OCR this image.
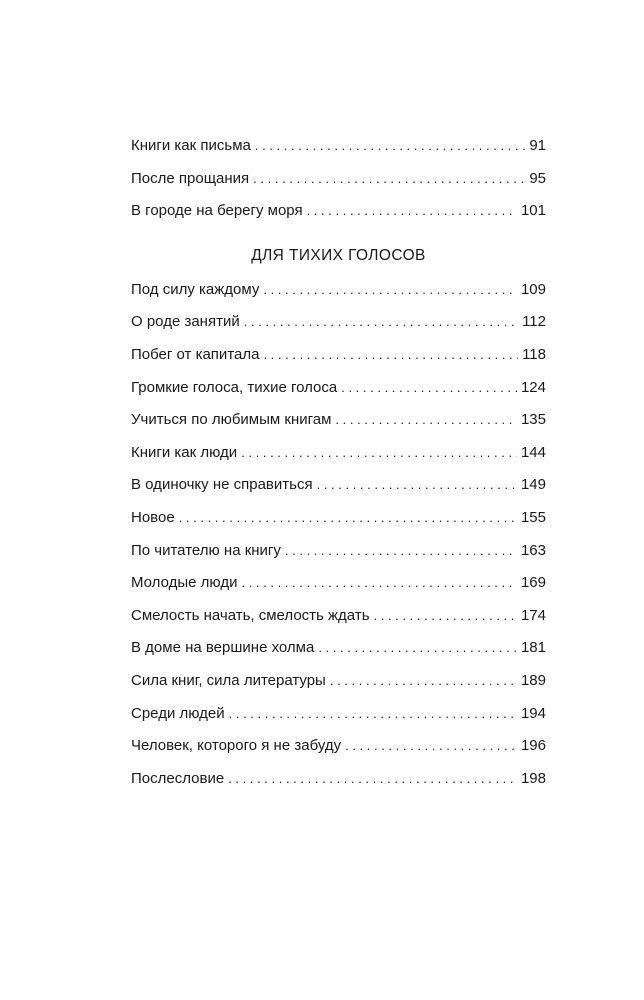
Книги как письма . . .	91
После прощания . . .	95
В городе на берегу моря . . .	101
ДЛЯ ТИХИХ ГОЛОСОВ
Под силу каждому . . .	109
О роде занятий . . .	112
Побег от капитала . . .	118
Громкие голоса, тихие голоса . . .	124
Учиться по любимым книгам . . .	135
Книги как люди . . .	144
В одиночку не справиться . . .	149
Новое . . .	155
По читателю на книгу . . .	163
Молодые люди . . .	169
Смелость начать, смелость ждать . . .	174
В доме на вершине холма . . .	181
Сила книг, сила литературы . . .	189
Среди людей . . .	194
Человек, которого я не забуду . . .	196
Послесловие . . .	198
